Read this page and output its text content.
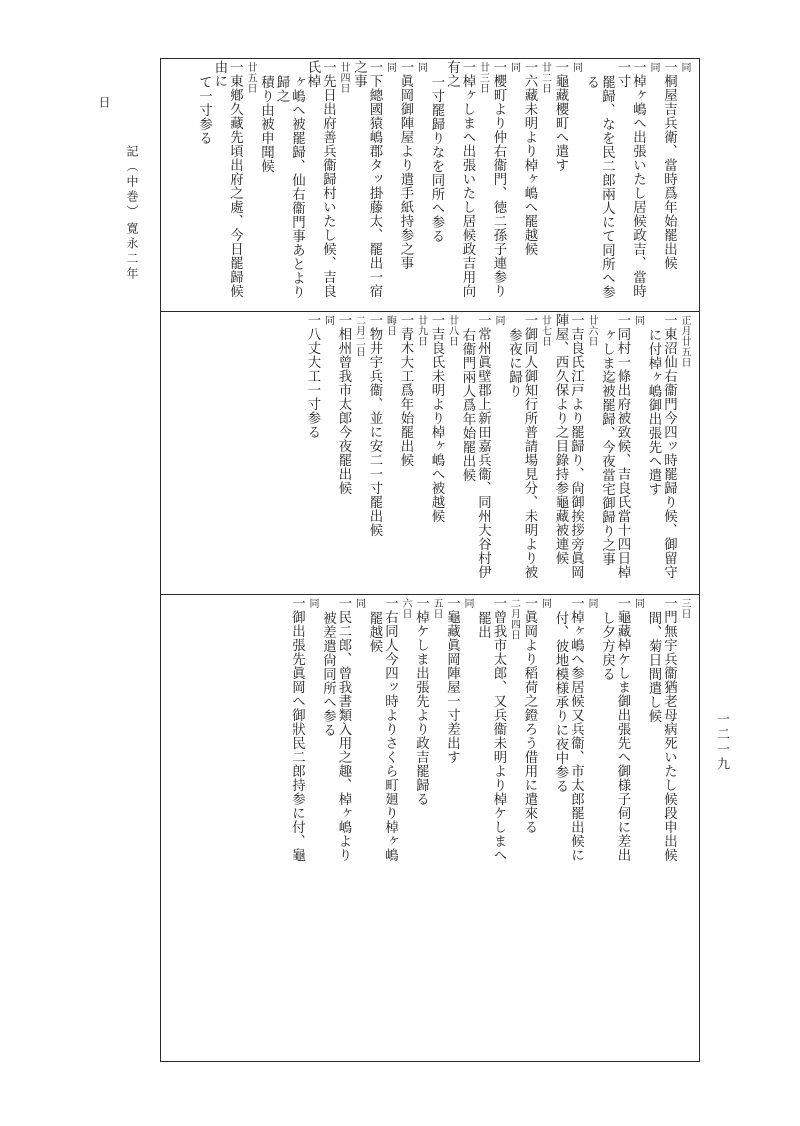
同
一桐屋吉兵衛、當時爲年始罷出候
同
一棹ヶ嶋へ出張いたし居候政吉、當時一寸
罷歸、なを民二郎兩人にて同所へ参る
同
一龜藏櫻町へ遣す
廿二日
一六藏未明より棹ヶ嶋へ罷越候
同
一櫻町より仲右衞門、徳二孫子連参り
廿三日
一棹ヶしまへ出張いたし居候政吉用向有之
一寸罷歸りなを同所へ参る
同
一眞岡御陣屋より遣手紙持参之事
同
一下總國猿嶋郡タッ掛藤太、罷出一宿之事
廿四日
一先日出府善兵衞歸村いたし候、吉良氏棹
ヶ嶋へ被罷歸、仙右衞門事あとより歸之
積り由被申聞候
廿五日
一東鄕久藏先頃出府之處、今日罷歸候由に
て一寸参る
正月廿五日
一東沼仙右衞門今四ッ時罷歸り候、御留守
に付棹ヶ嶋御出張先へ遣す
同
一同村一條出府被致候、吉良氏當十四日棹
ヶしま迄被罷歸、今夜當宅御歸り之事
廿六日
一吉良氏江戸より罷歸り、尙御挨拶旁眞岡
陣屋、西久保より之目錄持参龜藏被連候
廿七日
一御同人御知行所普請場見分、未明より被
参夜に歸り
同
一常州眞壁郡上新田嘉兵衞、同州大谷村伊
右衞門兩人爲年始罷出候
廿八日
一吉良氏未明より棹ヶ嶋へ被越候
廿九日
一青木大工爲年始罷出候
晦日
一物井宇兵衞、並に安二一寸罷出候
二月二日
一相州曾我市太郎今夜罷出候
同
一八丈大工一寸参る
三日
一門無宇兵衞猶老母病死いたし候段申出候
間、菊日間遣し候
同
一龜藏棹ケしま御出張先へ御様子伺に差出
し夕方戻る
同
一棹ヶ嶋へ参居候又兵衞、市太郎罷出候に
付、彼地模様承りに夜中参る
同
一眞岡より稻荷之鐙ろう借用に遣來る
二月四日
一曾我市太郎、又兵衞未明より棹ケしまへ
罷出
同
一龜藏眞岡陣屋一寸差出す
五日
一棹ケしま出張先より政吉罷歸る
六日
一右同人今四ッ時よりさくら町廻り棹ヶ嶋
罷越候
同
一民二郎、曾我書類入用之趣、棹ヶ嶋より
被差遣尙同所へ参る
同
一御出張先眞岡へ御狀民二郎持参に付、龜
日
記（中巻）
寛永二年
一二一九
